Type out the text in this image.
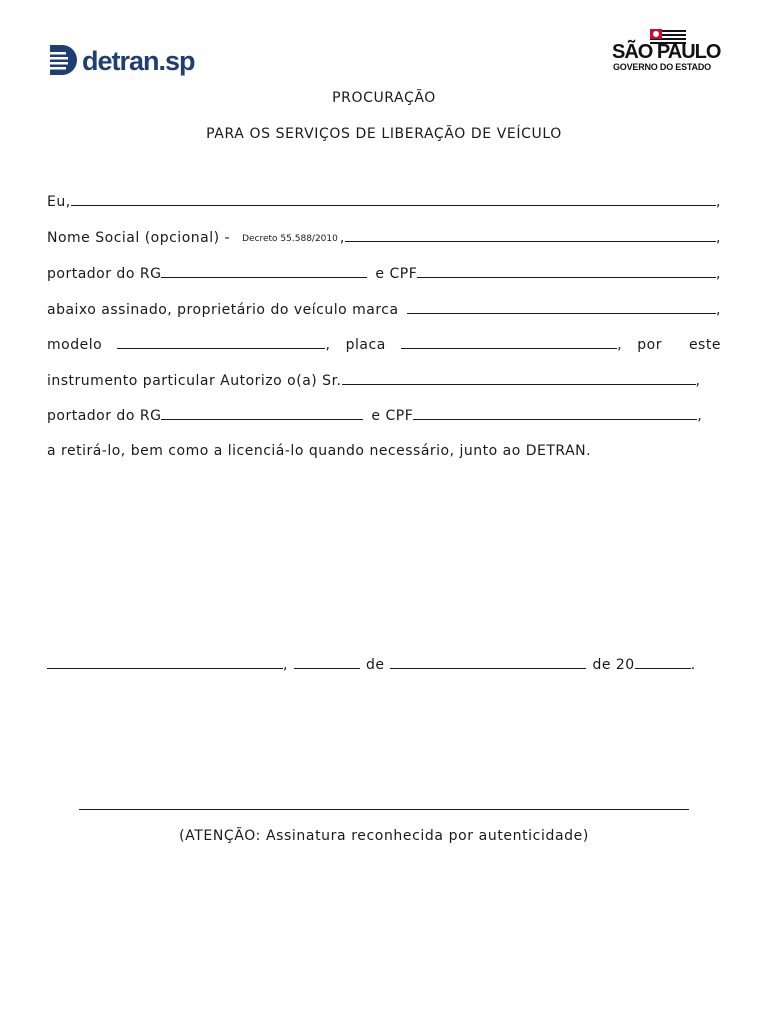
detran.sp	SÃO PAULO
GOVERNO DO ESTADO
PROCURAÇÃO
PARA OS SERVIÇOS DE LIBERAÇÃO DE VEÍCULO
Eu,	,
Nome Social (opcional) - Decreto 55.588/2010 ,	,
portador do RG	e CPF	,
abaixo assinado, proprietário do veículo marca	,
modelo	, placa	, por este
instrumento particular Autorizo o(a) Sr.	,
portador do RG	e CPF	,
a retirá-lo, bem como a licenciá-lo quando necessário, junto ao DETRAN.
,	de	de 20	.
(ATENÇÃO: Assinatura reconhecida por autenticidade)
